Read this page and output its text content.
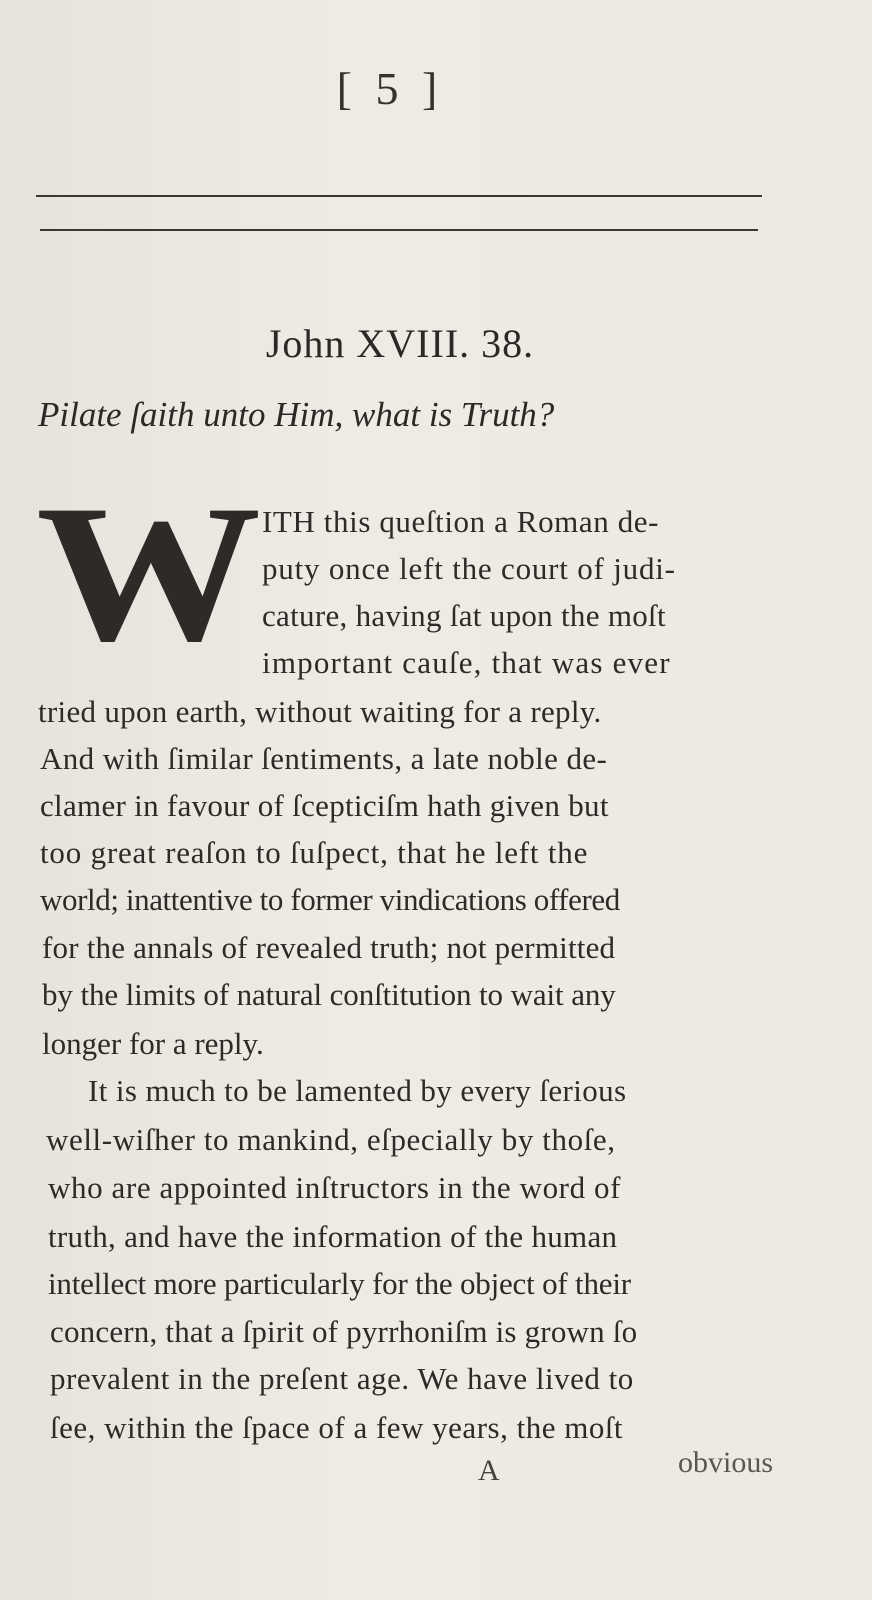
[ 5 ]
John XVIII. 38.
Pilate ſaith unto Him, what is Truth?
W ITH this queſtion a Roman de-
puty once left the court of judi-
cature, having ſat upon the moſt
important cauſe, that was ever
tried upon earth, without waiting for a reply.
And with ſimilar ſentiments, a late noble de-
clamer in favour of ſcepticiſm hath given but
too great reaſon to ſuſpect, that he left the
world; inattentive to former vindications offered
for the annals of revealed truth; not permitted
by the limits of natural conſtitution to wait any
longer for a reply.
It is much to be lamented by every ſerious
well-wiſher to mankind, eſpecially by thoſe,
who are appointed inſtructors in the word of
truth, and have the information of the human
intellect more particularly for the object of their
concern, that a ſpirit of pyrrhoniſm is grown ſo
prevalent in the preſent age. We have lived to
ſee, within the ſpace of a few years, the moſt
A	obvious
